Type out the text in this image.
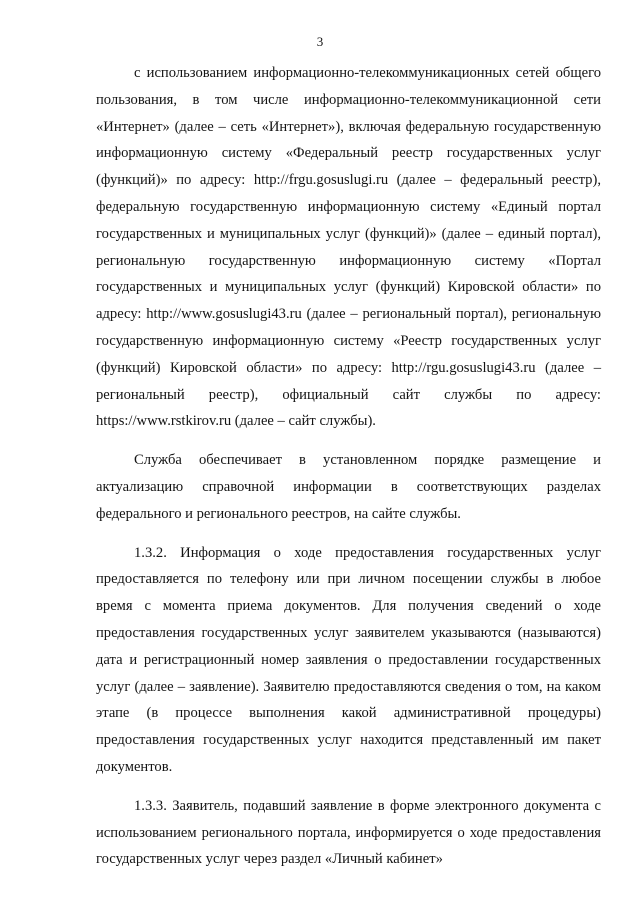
3

с использованием информационно-телекоммуникационных сетей общего пользования, в том числе информационно-телекоммуникационной сети «Интернет» (далее – сеть «Интернет»), включая федеральную государственную информационную систему «Федеральный реестр государственных услуг (функций)» по адресу: http://frgu.gosuslugi.ru (далее – федеральный реестр), федеральную государственную информационную систему «Единый портал государственных и муниципальных услуг (функций)» (далее – единый портал), региональную государственную информационную систему «Портал государственных и муниципальных услуг (функций) Кировской области» по адресу: http://www.gosuslugi43.ru (далее – региональный портал), региональную государственную информационную систему «Реестр государственных услуг (функций) Кировской области» по адресу: http://rgu.gosuslugi43.ru (далее – региональный реестр), официальный сайт службы по адресу: https://www.rstkirov.ru (далее – сайт службы).

Служба обеспечивает в установленном порядке размещение и актуализацию справочной информации в соответствующих разделах федерального и регионального реестров, на сайте службы.

1.3.2. Информация о ходе предоставления государственных услуг предоставляется по телефону или при личном посещении службы в любое время с момента приема документов. Для получения сведений о ходе предоставления государственных услуг заявителем указываются (называются) дата и регистрационный номер заявления о предоставлении государственных услуг (далее – заявление). Заявителю предоставляются сведения о том, на каком этапе (в процессе выполнения какой административной процедуры) предоставления государственных услуг находится представленный им пакет документов.

1.3.3. Заявитель, подавший заявление в форме электронного документа с использованием регионального портала, информируется о ходе предоставления государственных услуг через раздел «Личный кабинет»
